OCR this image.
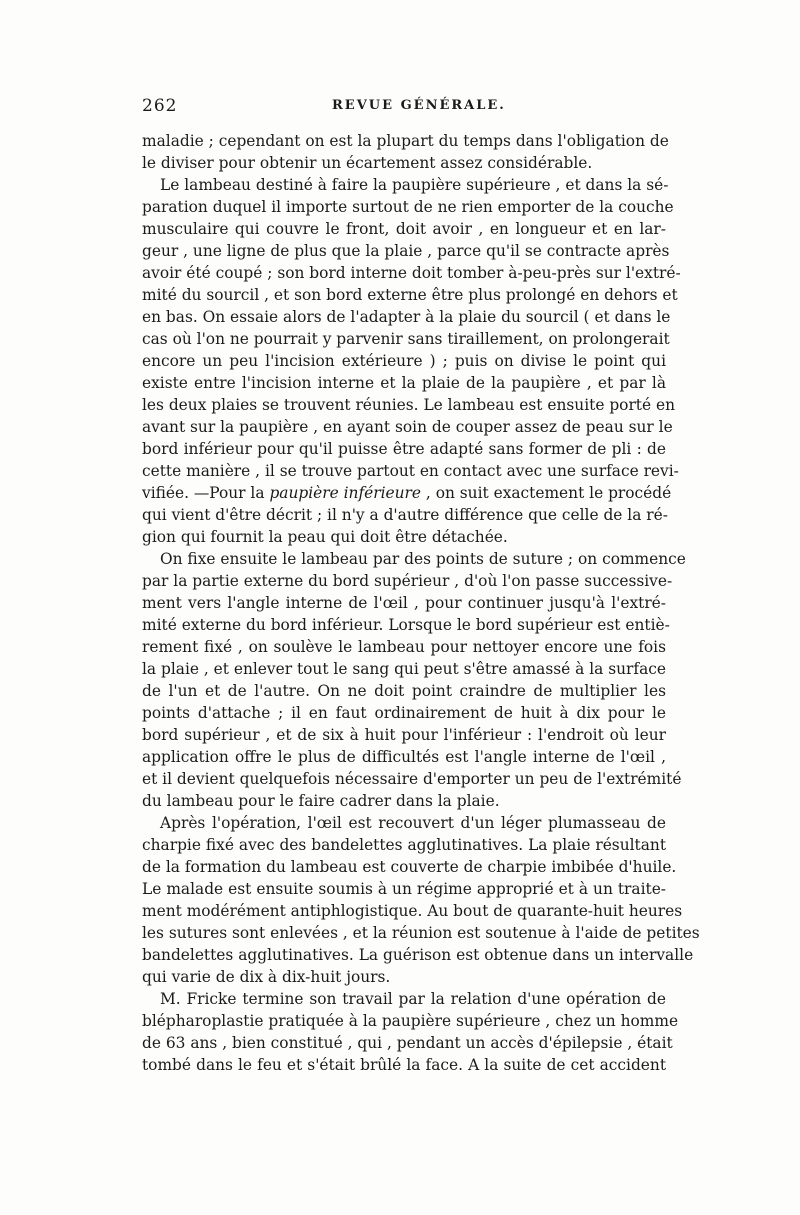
262	REVUE GÉNÉRALE.
maladie ; cependant on est la plupart du temps dans l'obligation de
le diviser pour obtenir un écartement assez considérable.
Le lambeau destiné à faire la paupière supérieure , et dans la sé-
paration duquel il importe surtout de ne rien emporter de la couche
musculaire qui couvre le front, doit avoir , en longueur et en lar-
geur , une ligne de plus que la plaie , parce qu'il se contracte après
avoir été coupé ; son bord interne doit tomber à-peu-près sur l'extré-
mité du sourcil , et son bord externe être plus prolongé en dehors et
en bas. On essaie alors de l'adapter à la plaie du sourcil ( et dans le
cas où l'on ne pourrait y parvenir sans tiraillement, on prolongerait
encore un peu l'incision extérieure ) ; puis on divise le point qui
existe entre l'incision interne et la plaie de la paupière , et par là
les deux plaies se trouvent réunies. Le lambeau est ensuite porté en
avant sur la paupière , en ayant soin de couper assez de peau sur le
bord inférieur pour qu'il puisse être adapté sans former de pli : de
cette manière , il se trouve partout en contact avec une surface revi-
vifiée. —Pour la paupière inférieure , on suit exactement le procédé
qui vient d'être décrit ; il n'y a d'autre différence que celle de la ré-
gion qui fournit la peau qui doit être détachée.
On fixe ensuite le lambeau par des points de suture ; on commence
par la partie externe du bord supérieur , d'où l'on passe successive-
ment vers l'angle interne de l'œil , pour continuer jusqu'à l'extré-
mité externe du bord inférieur. Lorsque le bord supérieur est entiè-
rement fixé , on soulève le lambeau pour nettoyer encore une fois
la plaie , et enlever tout le sang qui peut s'être amassé à la surface
de l'un et de l'autre. On ne doit point craindre de multiplier les
points d'attache ; il en faut ordinairement de huit à dix pour le
bord supérieur , et de six à huit pour l'inférieur : l'endroit où leur
application offre le plus de difficultés est l'angle interne de l'œil ,
et il devient quelquefois nécessaire d'emporter un peu de l'extrémité
du lambeau pour le faire cadrer dans la plaie.
Après l'opération, l'œil est recouvert d'un léger plumasseau de
charpie fixé avec des bandelettes agglutinatives. La plaie résultant
de la formation du lambeau est couverte de charpie imbibée d'huile.
Le malade est ensuite soumis à un régime approprié et à un traite-
ment modérément antiphlogistique. Au bout de quarante-huit heures
les sutures sont enlevées , et la réunion est soutenue à l'aide de petites
bandelettes agglutinatives. La guérison est obtenue dans un intervalle
qui varie de dix à dix-huit jours.
M. Fricke termine son travail par la relation d'une opération de
blépharoplastie pratiquée à la paupière supérieure , chez un homme
de 63 ans , bien constitué , qui , pendant un accès d'épilepsie , était
tombé dans le feu et s'était brûlé la face. A la suite de cet accident
